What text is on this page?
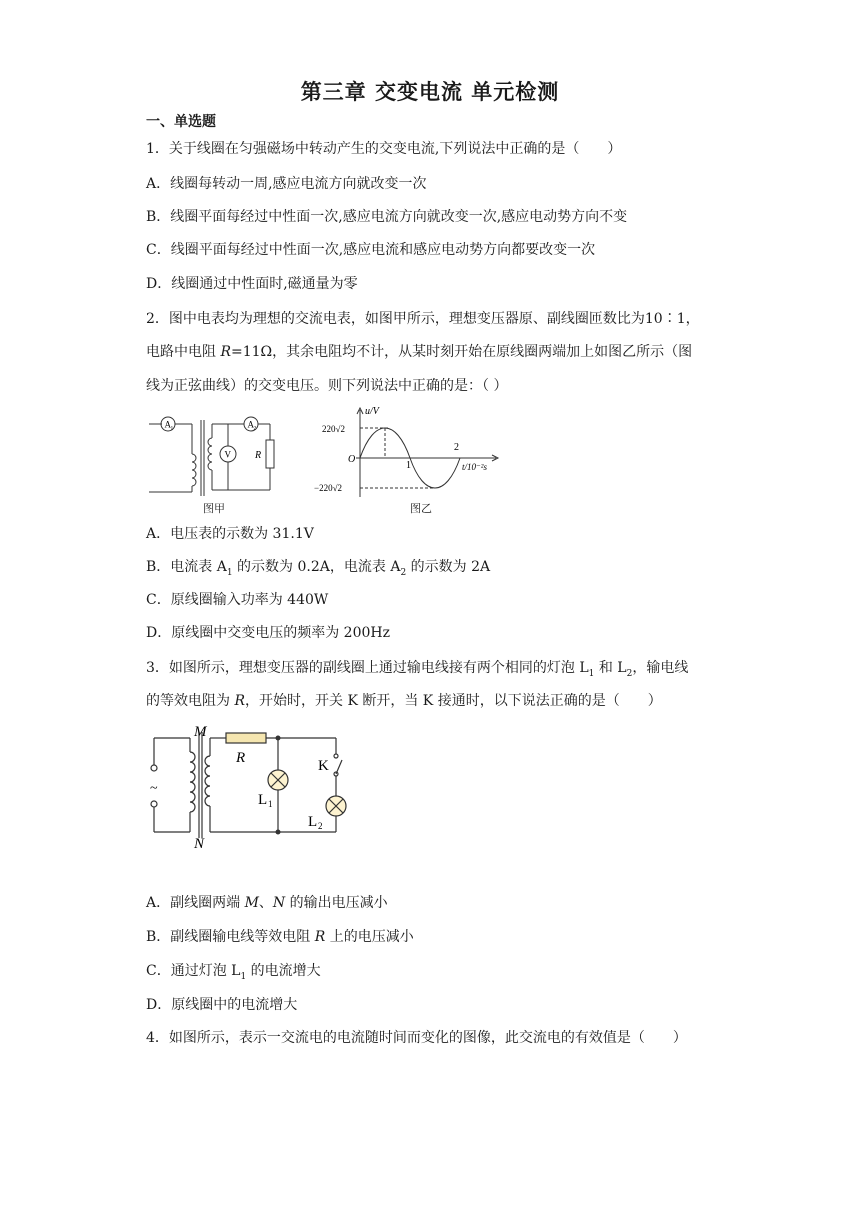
第三章 交变电流 单元检测
一、单选题
1．关于线圈在匀强磁场中转动产生的交变电流,下列说法中正确的是（　　）
A．线圈每转动一周,感应电流方向就改变一次
B．线圈平面每经过中性面一次,感应电流方向就改变一次,感应电动势方向不变
C．线圈平面每经过中性面一次,感应电流和感应电动势方向都要改变一次
D．线圈通过中性面时,磁通量为零
2．图中电表均为理想的交流电表，如图甲所示，理想变压器原、副线圈匝数比为10∶1，
电路中电阻 R=11Ω，其余电阻均不计，从某时刻开始在原线圈两端加上如图乙所示（图
线为正弦曲线）的交变电压。则下列说法中正确的是：（ ）
A 1	A 2
V R
图甲
u/V
220√2
−220√2
O
1
2
t/10⁻²s
图乙
A．电压表的示数为 31.1V
B．电流表 $A_1$ 的示数为 0.2A，电流表 $A_2$ 的示数为 2A
C．原线圈输入功率为 440W
D．原线圈中交变电压的频率为 200Hz
3．如图所示，理想变压器的副线圈上通过输电线接有两个相同的灯泡 $L_1$ 和 $L_2$，输电线
的等效电阻为 R，开始时，开关 K 断开，当 K 接通时，以下说法正确的是（　　）
~
M
N
R	K
L 1
L 2
A．副线圈两端 M、N 的输出电压减小
B．副线圈输电线等效电阻 R 上的电压减小
C．通过灯泡 $L_1$ 的电流增大
D．原线圈中的电流增大
4．如图所示，表示一交流电的电流随时间而变化的图像，此交流电的有效值是（　　）
